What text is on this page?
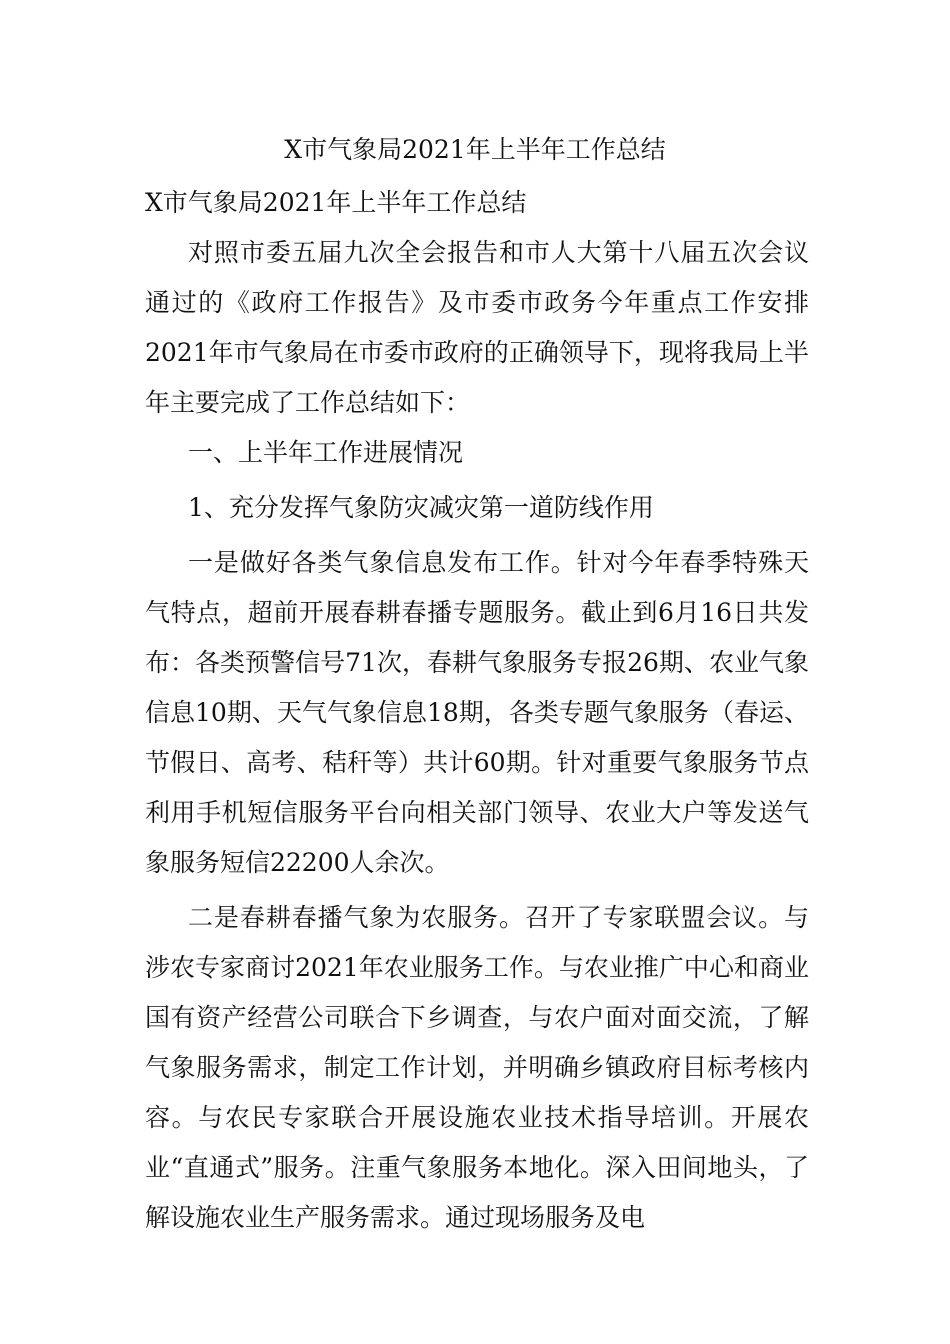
X市气象局2021年上半年工作总结

X市气象局2021年上半年工作总结

对照市委五届九次全会报告和市人大第十八届五次会议通过的《政府工作报告》及市委市政务今年重点工作安排2021年市气象局在市委市政府的正确领导下，现将我局上半年主要完成了工作总结如下：

一、上半年工作进展情况

1、充分发挥气象防灾减灾第一道防线作用

一是做好各类气象信息发布工作。针对今年春季特殊天气特点，超前开展春耕春播专题服务。截止到6月16日共发布：各类预警信号71次，春耕气象服务专报26期、农业气象信息10期、天气气象信息18期，各类专题气象服务（春运、节假日、高考、秸秆等）共计60期。针对重要气象服务节点利用手机短信服务平台向相关部门领导、农业大户等发送气象服务短信22200人余次。

二是春耕春播气象为农服务。召开了专家联盟会议。与涉农专家商讨2021年农业服务工作。与农业推广中心和商业国有资产经营公司联合下乡调查，与农户面对面交流，了解气象服务需求，制定工作计划，并明确乡镇政府目标考核内容。与农民专家联合开展设施农业技术指导培训。开展农业“直通式”服务。注重气象服务本地化。深入田间地头，了解设施农业生产服务需求。通过现场服务及电
